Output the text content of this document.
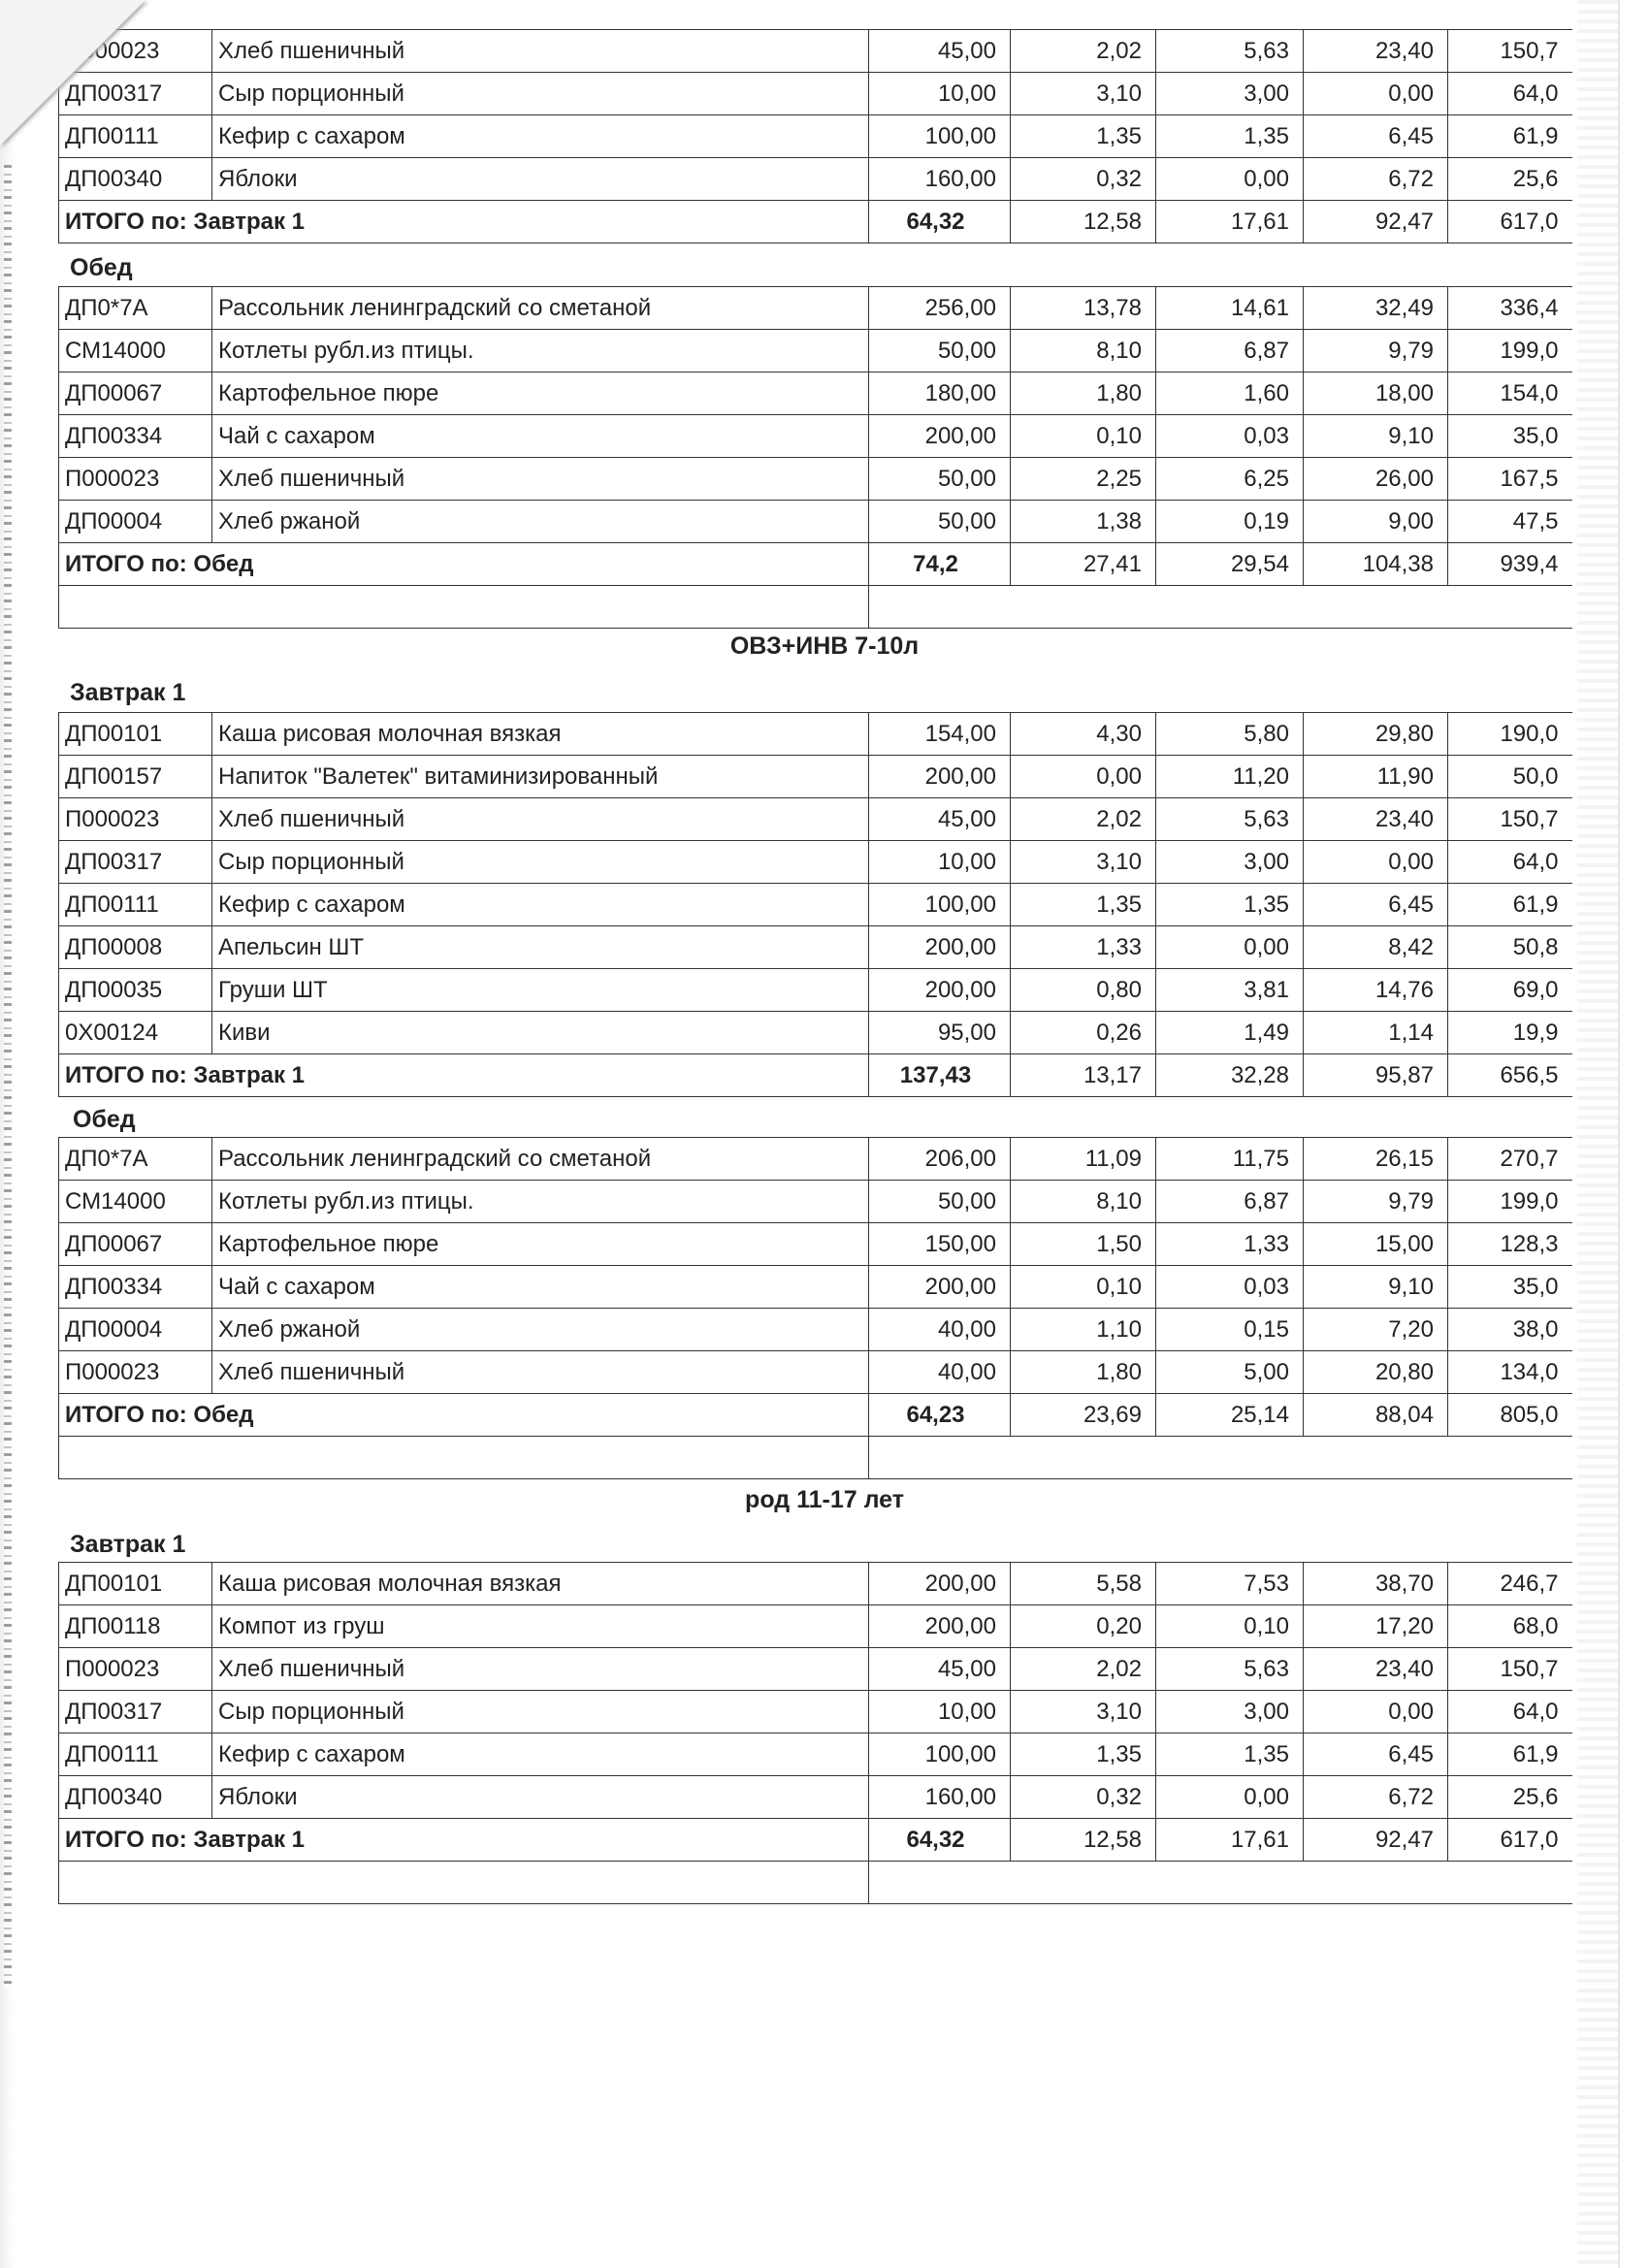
П000023	Хлеб пшеничный	45,00	2,02	5,63	23,40	150,7
ДП00317	Сыр порционный	10,00	3,10	3,00	0,00	64,0
ДП00111	Кефир с сахаром	100,00	1,35	1,35	6,45	61,9
ДП00340	Яблоки	160,00	0,32	0,00	6,72	25,6
ИТОГО по: Завтрак 1		64,32	12,58	17,61	92,47	617,0
Обед
ДП0*7А	Рассольник ленинградский со сметаной	256,00	13,78	14,61	32,49	336,4
СМ14000	Котлеты рубл.из птицы.	50,00	8,10	6,87	9,79	199,0
ДП00067	Картофельное пюре	180,00	1,80	1,60	18,00	154,0
ДП00334	Чай с сахаром	200,00	0,10	0,03	9,10	35,0
П000023	Хлеб пшеничный	50,00	2,25	6,25	26,00	167,5
ДП00004	Хлеб ржаной	50,00	1,38	0,19	9,00	47,5
ИТОГО по: Обед		74,2	27,41	29,54	104,38	939,4

ОВЗ+ИНВ 7-10л
Завтрак 1
ДП00101	Каша рисовая молочная вязкая	154,00	4,30	5,80	29,80	190,0
ДП00157	Напиток "Валетек" витаминизированный	200,00	0,00	11,20	11,90	50,0
П000023	Хлеб пшеничный	45,00	2,02	5,63	23,40	150,7
ДП00317	Сыр порционный	10,00	3,10	3,00	0,00	64,0
ДП00111	Кефир с сахаром	100,00	1,35	1,35	6,45	61,9
ДП00008	Апельсин ШТ	200,00	1,33	0,00	8,42	50,8
ДП00035	Груши ШТ	200,00	0,80	3,81	14,76	69,0
0Х00124	Киви	95,00	0,26	1,49	1,14	19,9
ИТОГО по: Завтрак 1		137,43	13,17	32,28	95,87	656,5
Обед
ДП0*7А	Рассольник ленинградский со сметаной	206,00	11,09	11,75	26,15	270,7
СМ14000	Котлеты рубл.из птицы.	50,00	8,10	6,87	9,79	199,0
ДП00067	Картофельное пюре	150,00	1,50	1,33	15,00	128,3
ДП00334	Чай с сахаром	200,00	0,10	0,03	9,10	35,0
ДП00004	Хлеб ржаной	40,00	1,10	0,15	7,20	38,0
П000023	Хлеб пшеничный	40,00	1,80	5,00	20,80	134,0
ИТОГО по: Обед		64,23	23,69	25,14	88,04	805,0

род 11-17 лет
Завтрак 1
ДП00101	Каша рисовая молочная вязкая	200,00	5,58	7,53	38,70	246,7
ДП00118	Компот из груш	200,00	0,20	0,10	17,20	68,0
П000023	Хлеб пшеничный	45,00	2,02	5,63	23,40	150,7
ДП00317	Сыр порционный	10,00	3,10	3,00	0,00	64,0
ДП00111	Кефир с сахаром	100,00	1,35	1,35	6,45	61,9
ДП00340	Яблоки	160,00	0,32	0,00	6,72	25,6
ИТОГО по: Завтрак 1		64,32	12,58	17,61	92,47	617,0
